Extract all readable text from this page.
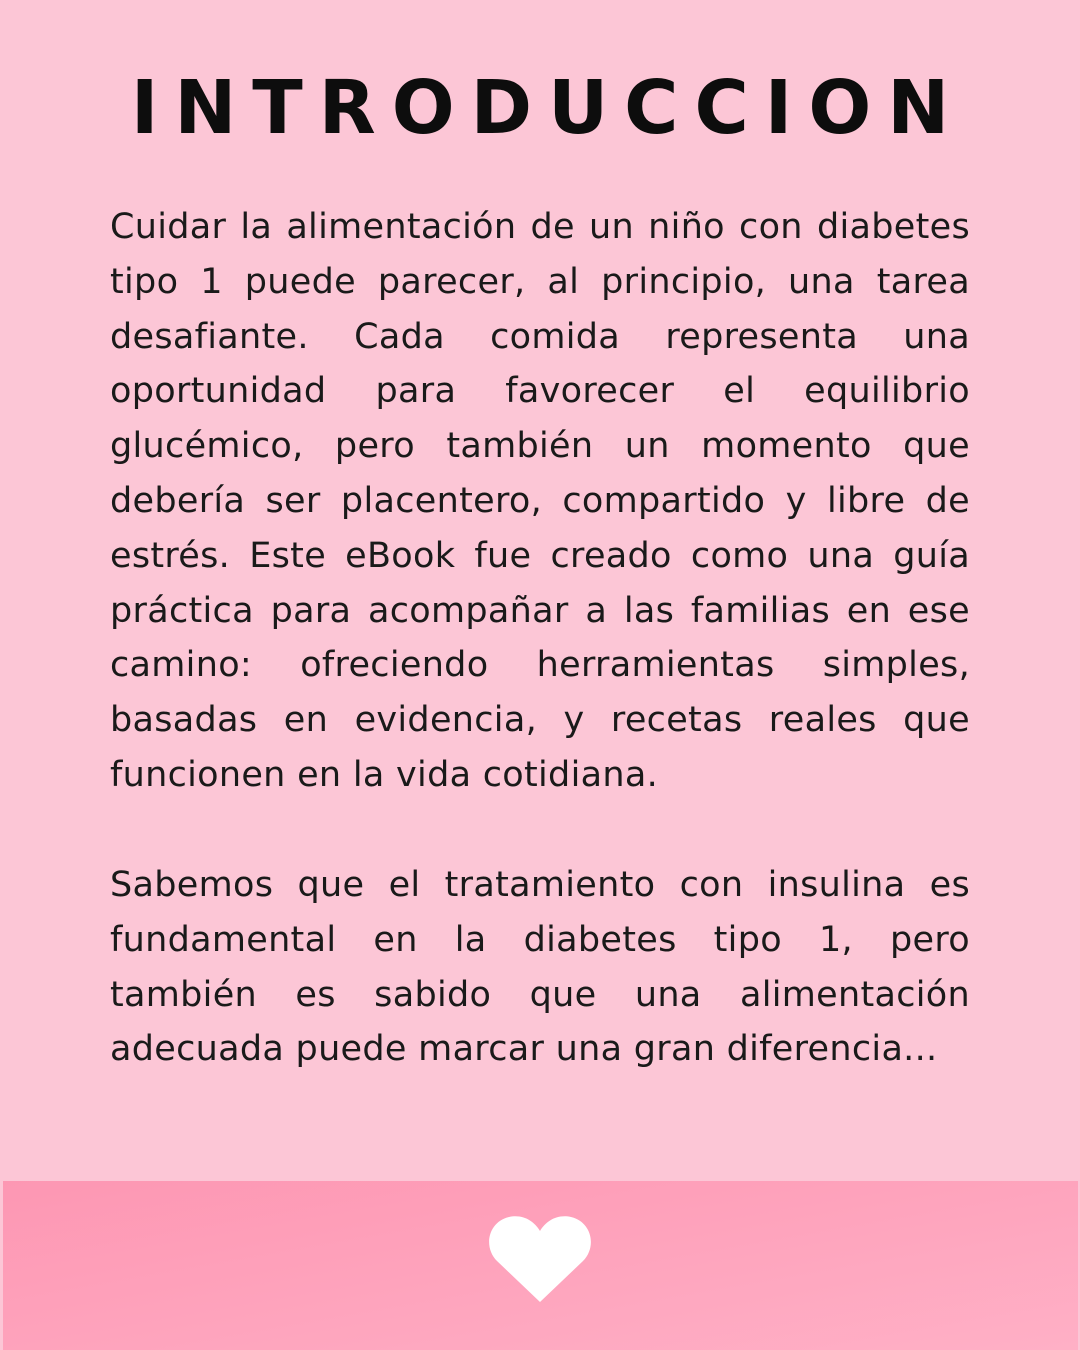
INTRODUCCION

Cuidar la alimentación de un niño con diabetes tipo 1 puede parecer, al principio, una tarea desafiante. Cada comida representa una oportunidad para favorecer el equilibrio glucémico, pero también un momento que debería ser placentero, compartido y libre de estrés. Este eBook fue creado como una guía práctica para acompañar a las familias en ese camino: ofreciendo herramientas simples, basadas en evidencia, y recetas reales que funcionen en la vida cotidiana.

Sabemos que el tratamiento con insulina es fundamental en la diabetes tipo 1, pero también es sabido que una alimentación adecuada puede marcar una gran diferencia...
